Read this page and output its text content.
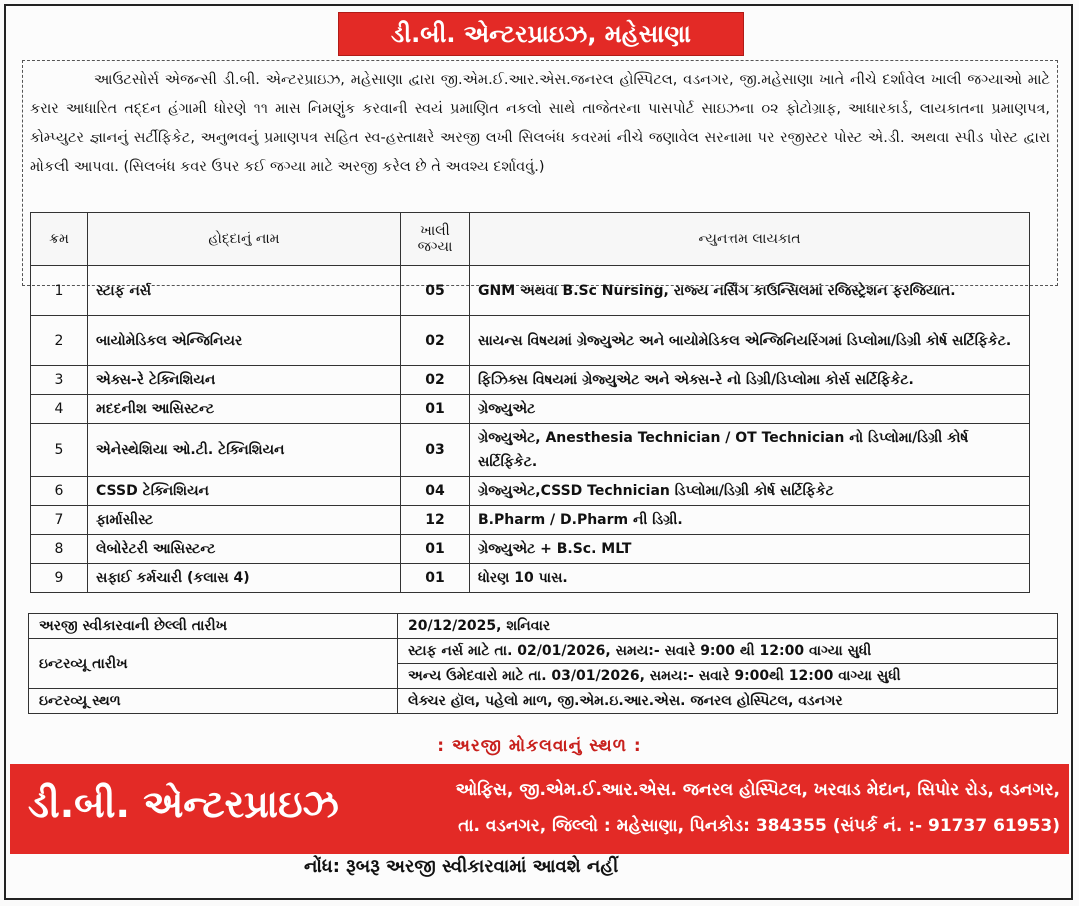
ડી.બી. એન્ટરપ્રાઇઝ, મહેસાણા
આઉટસોર્સ એજન્સી ડી.બી. એન્ટરપ્રાઇઝ, મહેસાણા દ્વારા જી.એમ.ઈ.આર.એસ.જનરલ હોસ્પિટલ, વડનગર, જી.મહેસાણા ખાતે નીચે દર્શાવેલ ખાલી જગ્યાઓ માટે કરાર આધારિત તદ્દન હંગામી ધોરણે ૧૧ માસ નિમણુંક કરવાની સ્વયં પ્રમાણિત નકલો સાથે તાજેતરના પાસપોર્ટ સાઇઝના ૦૨ ફોટોગ્રાફ, આધારકાર્ડ, લાયકાતના પ્રમાણપત્ર, કોમ્પ્યુટર જ્ઞાનનું સર્ટીફિકેટ, અનુભવનું પ્રમાણપત્ર સહિત સ્વ-હસ્તાક્ષરે અરજી લખી સિલબંધ કવરમાં નીચે જણાવેલ સરનામા પર રજીસ્ટર પોસ્ટ એ.ડી. અથવા સ્પીડ પોસ્ટ દ્વારા મોકલી આપવા. (સિલબંધ કવર ઉપર કઈ જગ્યા માટે અરજી કરેલ છે તે અવશ્ય દર્શાવવું.)
ક્રમ	હોદ્દાનું નામ	ખાલી જગ્યા	ન્યુનત્તમ લાયકાત
1	સ્ટાફ નર્સ	05	GNM અથવા B.Sc Nursing, રાજ્ય નર્સિંગ કાઉન્સિલમાં રજિસ્ટ્રેશન ફરજિયાત.
2	બાયોમેડિકલ એન્જિનિયર	02	સાયન્સ વિષયમાં ગ્રેજ્યુએટ અને બાયોમેડિકલ એન્જિનિયરિંગમાં ડિપ્લોમા/ડિગ્રી કોર્ષ સર્ટિફિકેટ.
3	એક્સ-રે ટેક્નિશિયન	02	ફિઝિક્સ વિષયમાં ગ્રેજ્યુએટ અને એક્સ-રે નો ડિગ્રી/ડિપ્લોમા કોર્સ સર્ટિફિકેટ.
4	મદદનીશ આસિસ્ટન્ટ	01	ગ્રેજ્યુએટ
5	એનેસ્થેશિયા ઓ.ટી. ટેક્નિશિયન	03	ગ્રેજ્યુએટ, Anesthesia Technician / OT Technician નો ડિપ્લોમા/ડિગ્રી કોર્ષ સર્ટિફિકેટ.
6	CSSD ટેક્નિશિયન	04	ગ્રેજ્યુએટ,CSSD Technician ડિપ્લોમા/ડિગ્રી કોર્ષ સર્ટિફિકેટ
7	ફાર્માસીસ્ટ	12	B.Pharm / D.Pharm ની ડિગ્રી.
8	લેબોરેટરી આસિસ્ટન્ટ	01	ગ્રેજ્યુએટ + B.Sc. MLT
9	સફાઈ કર્મચારી (કલાસ 4)	01	ધોરણ 10 પાસ.
અરજી સ્વીકારવાની છેલ્લી તારીખ	20/12/2025, શનિવાર
ઇન્ટરવ્યૂ તારીખ	સ્ટાફ નર્સ માટે તા. 02/01/2026, સમય:- સવારે 9:00 થી 12:00 વાગ્યા સુધી
	અન્ય ઉમેદવારો માટે તા. 03/01/2026, સમય:- સવારે 9:00થી 12:00 વાગ્યા સુધી
ઇન્ટરવ્યૂ સ્થળ	લેક્ચર હૉલ, પહેલો માળ, જી.એમ.ઇ.આર.એસ. જનરલ હોસ્પિટલ, વડનગર
: અરજી મોકલવાનું સ્થળ :
ડી.બી. એન્ટરપ્રાઇઝ	ઓફિસ, જી.એમ.ઈ.આર.એસ. જનરલ હોસ્પિટલ, ખરવાડ મેદાન, સિપોર રોડ, વડનગર,
તા. વડનગર, જિલ્લો : મહેસાણા, પિનકોડ: 384355 (સંપર્ક નં. :- 91737 61953)
નોંધ: રૂબરૂ અરજી સ્વીકારવામાં આવશે નહીં
